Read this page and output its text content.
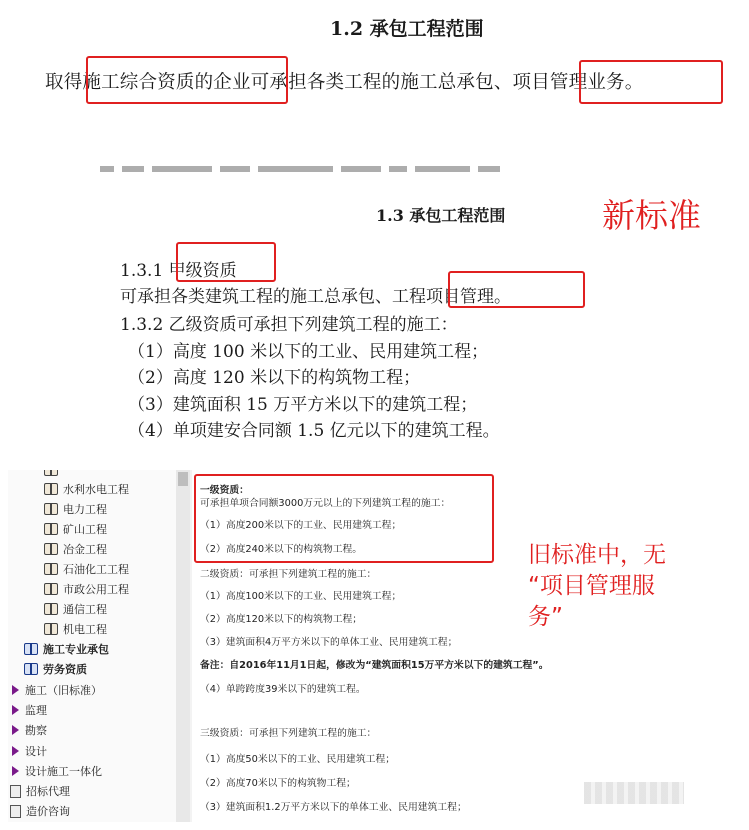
1.2 承包工程范围
取得施工综合资质的企业可承担各类工程的施工总承包、项目管理业务。
1.3 承包工程范围	新标准
1.3.1 甲级资质
可承担各类建筑工程的施工总承包、工程项目管理。
1.3.2 乙级资质可承担下列建筑工程的施工：
（1）高度 100 米以下的工业、民用建筑工程；
（2）高度 120 米以下的构筑物工程；
（3）建筑面积 15 万平方米以下的建筑工程；
（4）单项建安合同额 1.5 亿元以下的建筑工程。
水利水电工程
电力工程
矿山工程
冶金工程
石油化工工程
市政公用工程
通信工程
机电工程
施工专业承包
劳务资质
施工（旧标准）
监理
勘察
设计
设计施工一体化
招标代理
造价咨询
一级资质：
可承担单项合同额3000万元以上的下列建筑工程的施工：
（1）高度200米以下的工业、民用建筑工程；
（2）高度240米以下的构筑物工程。
二级资质：可承担下列建筑工程的施工：
（1）高度100米以下的工业、民用建筑工程；
（2）高度120米以下的构筑物工程；
（3）建筑面积4万平方米以下的单体工业、民用建筑工程；
备注：自2016年11月1日起，修改为“建筑面积15万平方米以下的建筑工程”。
（4）单跨跨度39米以下的建筑工程。
三级资质：可承担下列建筑工程的施工：
（1）高度50米以下的工业、民用建筑工程；
（2）高度70米以下的构筑物工程；
（3）建筑面积1.2万平方米以下的单体工业、民用建筑工程；
旧标准中，无
“项目管理服
务”
